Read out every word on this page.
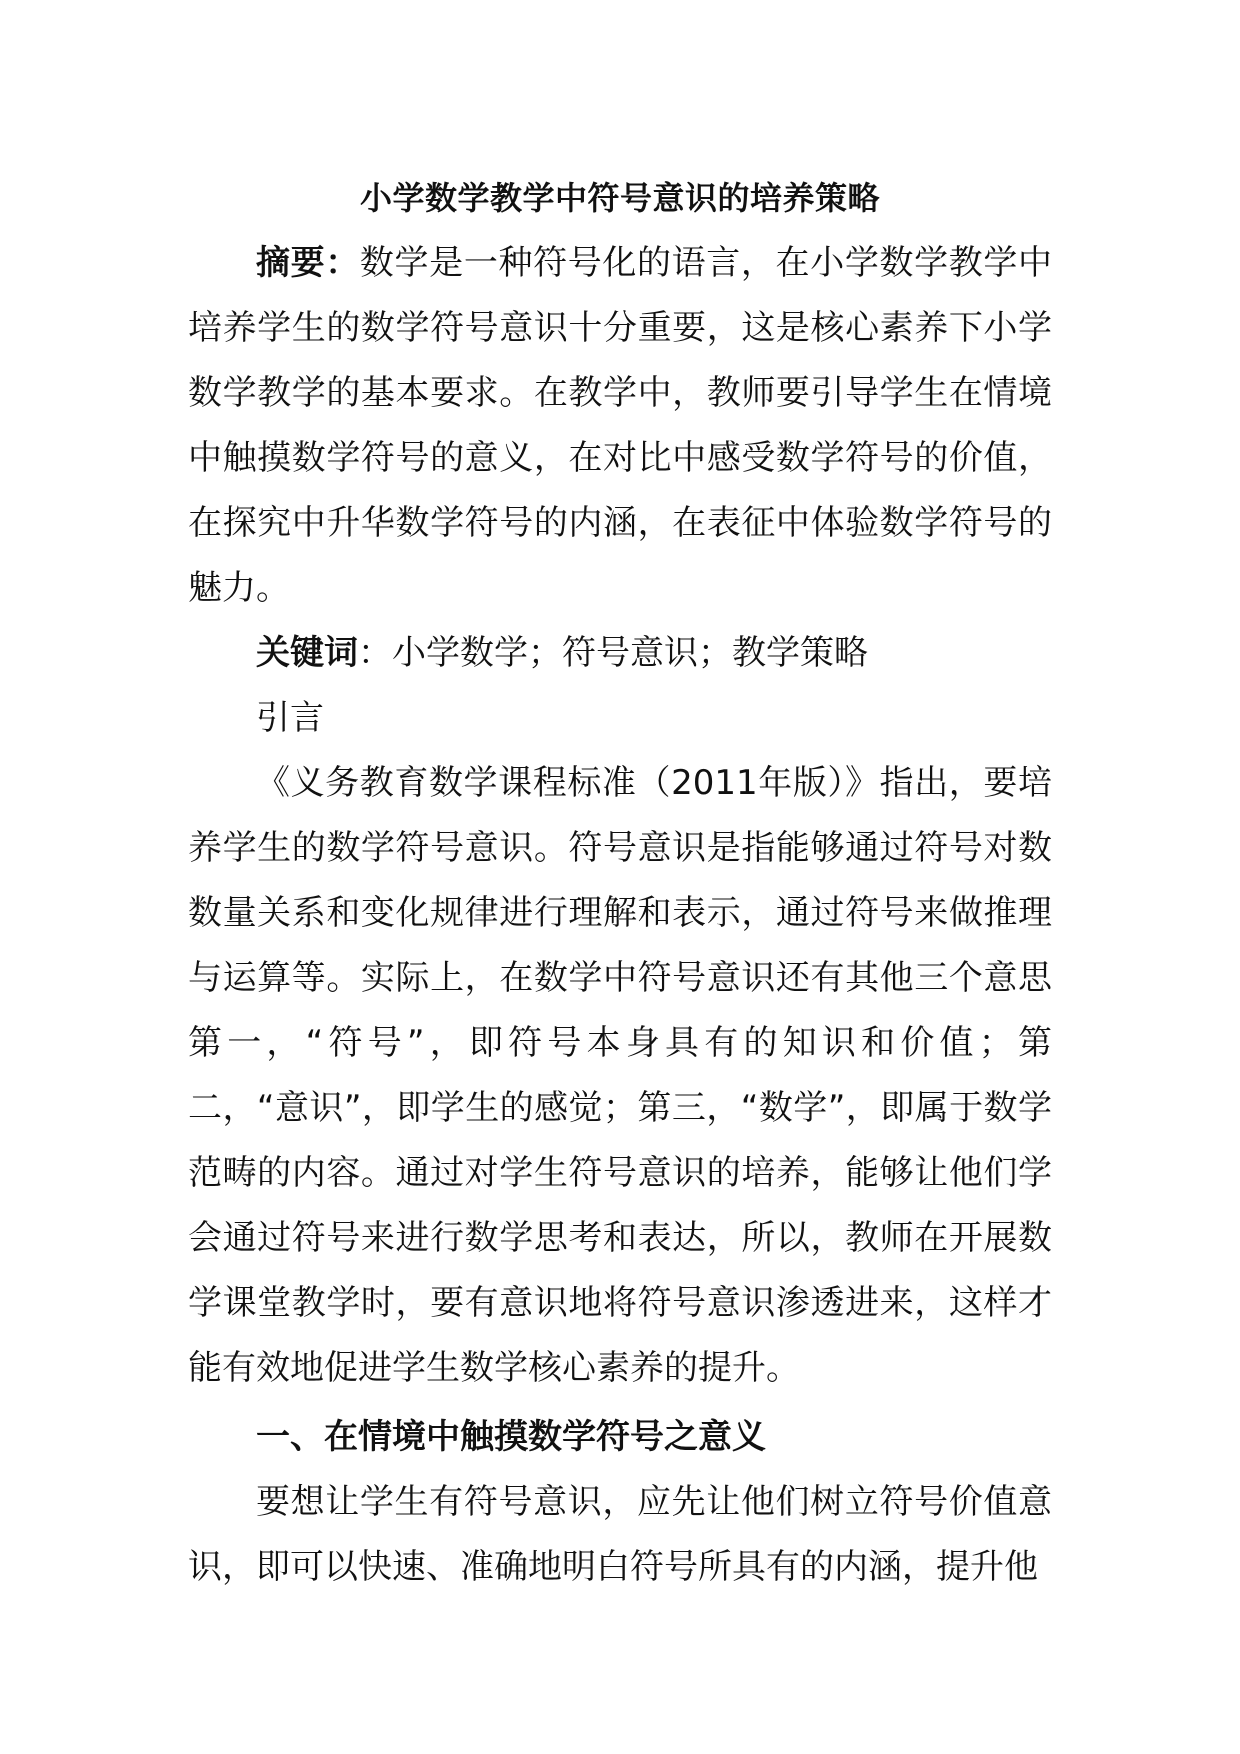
小学数学教学中符号意识的培养策略

摘要：数学是一种符号化的语言，在小学数学教学中培养学生的数学符号意识十分重要，这是核心素养下小学数学教学的基本要求。在教学中，教师要引导学生在情境中触摸数学符号的意义，在对比中感受数学符号的价值，在探究中升华数学符号的内涵，在表征中体验数学符号的魅力。

关键词：小学数学；符号意识；教学策略

引言

《义务教育数学课程标准（2011年版）》指出，要培养学生的数学符号意识。符号意识是指能够通过符号对数数量关系和变化规律进行理解和表示，通过符号来做推理与运算等。实际上，在数学中符号意识还有其他三个意思第一，“符号”，即符号本身具有的知识和价值；第二，“意识”，即学生的感觉；第三，“数学”，即属于数学范畴的内容。通过对学生符号意识的培养，能够让他们学会通过符号来进行数学思考和表达，所以，教师在开展数学课堂教学时，要有意识地将符号意识渗透进来，这样才能有效地促进学生数学核心素养的提升。

一、在情境中触摸数学符号之意义

要想让学生有符号意识，应先让他们树立符号价值意识，即可以快速、准确地明白符号所具有的内涵，提升他
